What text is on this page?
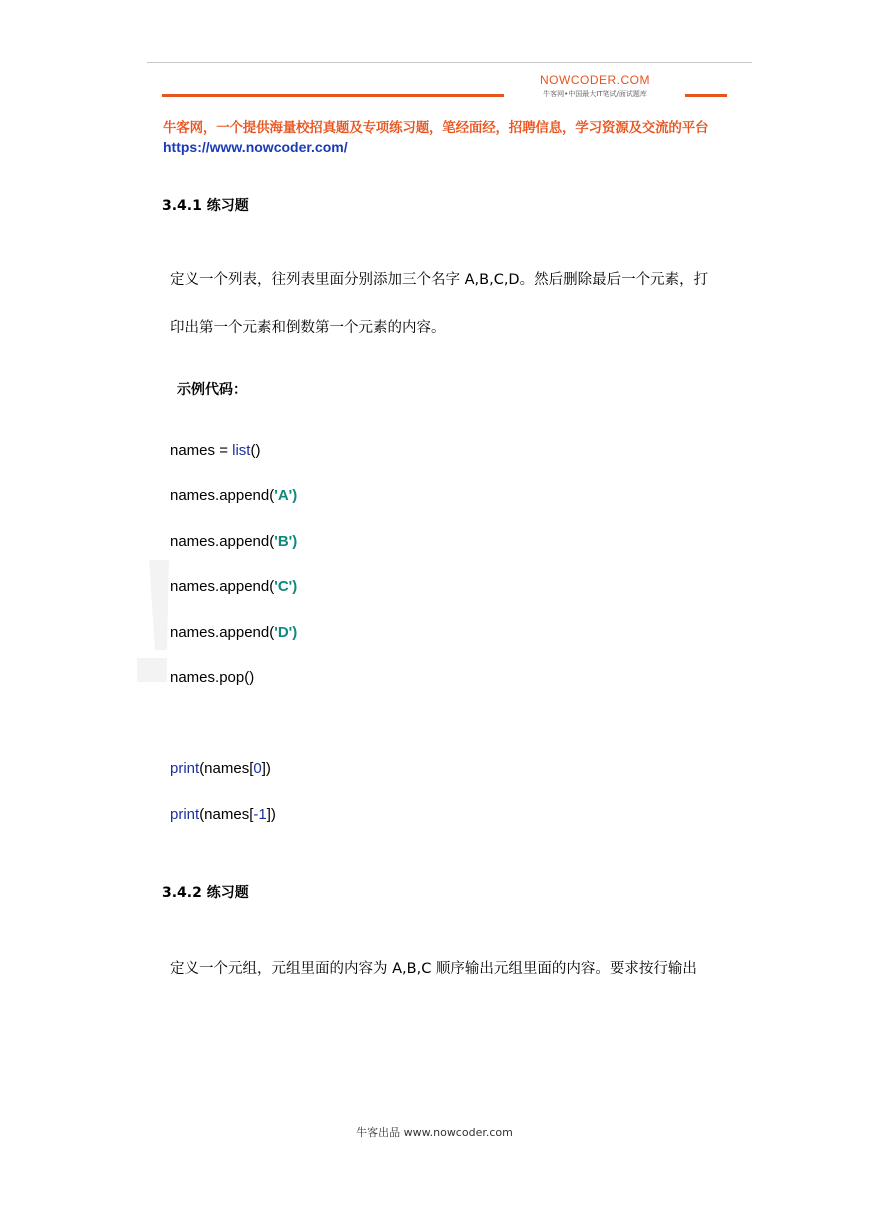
NOWCODER.COM
牛客网•中国最大IT笔试/面试题库
牛客网，一个提供海量校招真题及专项练习题，笔经面经，招聘信息，学习资源及交流的平台
https://www.nowcoder.com/
3.4.1 练习题
定义一个列表，往列表里面分别添加三个名字 A,B,C,D。然后删除最后一个元素，打
印出第一个元素和倒数第一个元素的内容。
示例代码：
names = list()
names.append('A')
names.append('B')
names.append('C')
names.append('D')
names.pop()
print(names[0])
print(names[-1])
3.4.2 练习题
定义一个元组，元组里面的内容为 A,B,C 顺序输出元组里面的内容。要求按行输出
牛客出品 www.nowcoder.com
